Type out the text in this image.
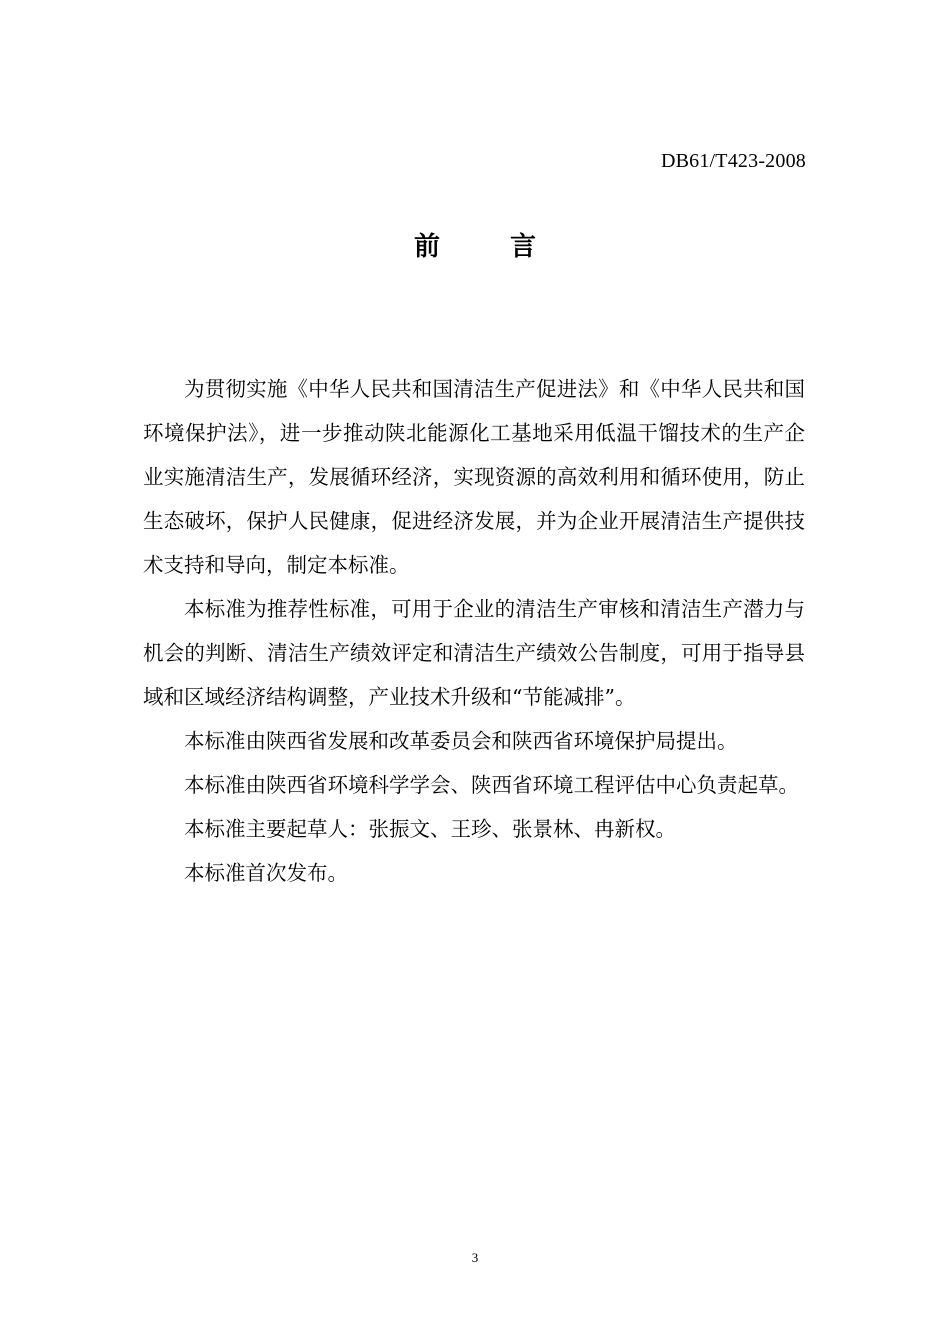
DB61/T423-2008
前言

为贯彻实施《中华人民共和国清洁生产促进法》和《中华人民共和国环境保护法》，进一步推动陕北能源化工基地采用低温干馏技术的生产企业实施清洁生产，发展循环经济，实现资源的高效利用和循环使用，防止生态破坏，保护人民健康，促进经济发展，并为企业开展清洁生产提供技术支持和导向，制定本标准。

本标准为推荐性标准，可用于企业的清洁生产审核和清洁生产潜力与机会的判断、清洁生产绩效评定和清洁生产绩效公告制度，可用于指导县域和区域经济结构调整，产业技术升级和“节能减排”。

本标准由陕西省发展和改革委员会和陕西省环境保护局提出。

本标准由陕西省环境科学学会、陕西省环境工程评估中心负责起草。

本标准主要起草人：张振文、王珍、张景林、冉新权。

本标准首次发布。

3
